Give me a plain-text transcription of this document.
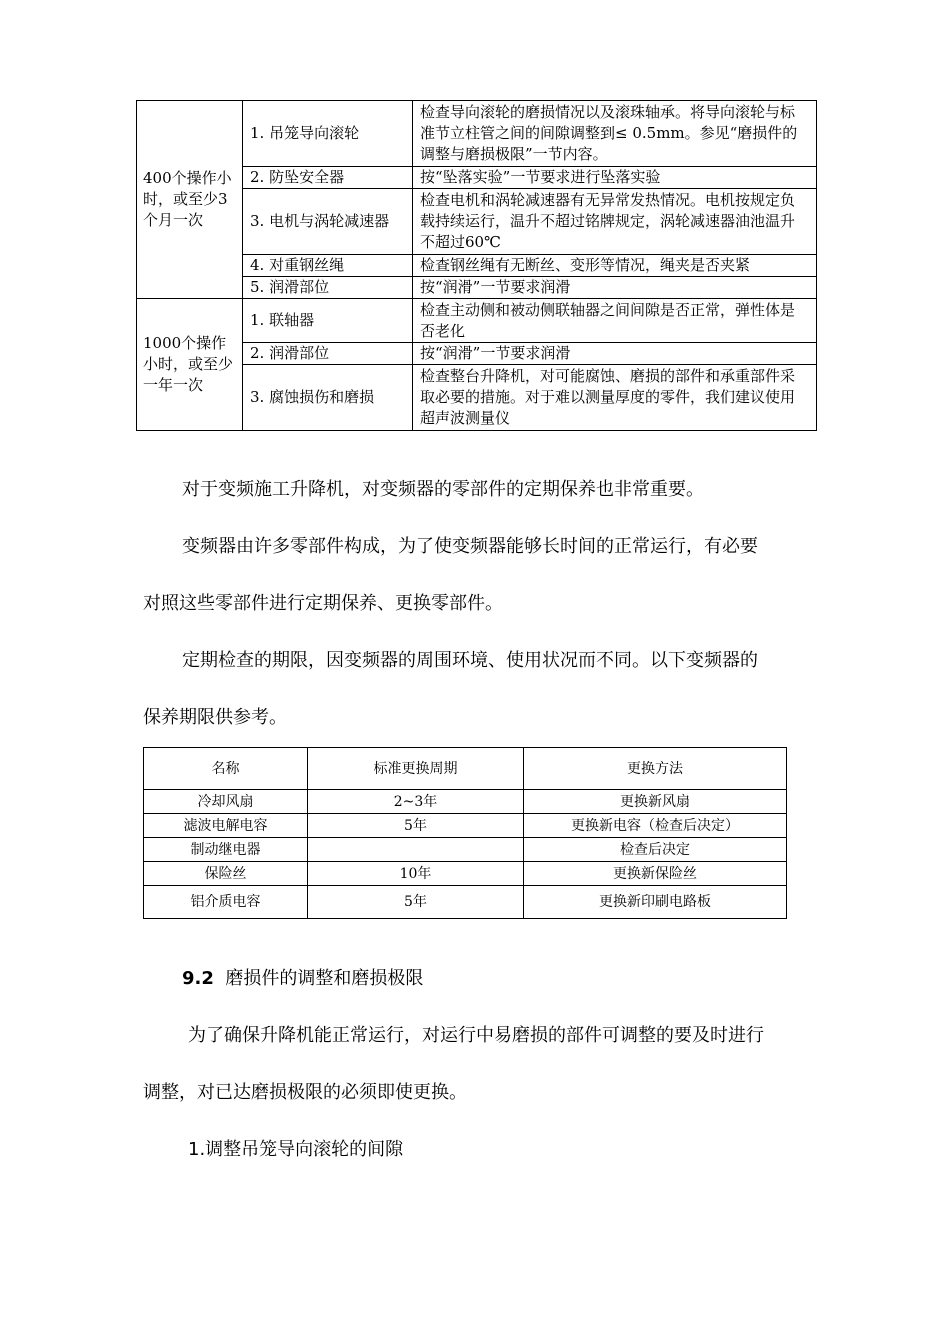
400个操作小时，或至少3个月一次	1. 吊笼导向滚轮	检查导向滚轮的磨损情况以及滚珠轴承。将导向滚轮与标准节立柱管之间的间隙调整到≤ 0.5mm。参见“磨损件的调整与磨损极限”一节内容。
	2. 防坠安全器	按“坠落实验”一节要求进行坠落实验
	3. 电机与涡轮减速器	检查电机和涡轮减速器有无异常发热情况。电机按规定负载持续运行，温升不超过铭牌规定，涡轮减速器油池温升不超过60℃
	4. 对重钢丝绳	检查钢丝绳有无断丝、变形等情况，绳夹是否夹紧
	5. 润滑部位	按“润滑”一节要求润滑
1000个操作小时，或至少一年一次	1. 联轴器	检查主动侧和被动侧联轴器之间间隙是否正常，弹性体是否老化
	2. 润滑部位	按“润滑”一节要求润滑
	3. 腐蚀损伤和磨损	检查整台升降机，对可能腐蚀、磨损的部件和承重部件采取必要的措施。对于难以测量厚度的零件，我们建议使用超声波测量仪
对于变频施工升降机，对变频器的零部件的定期保养也非常重要。
变频器由许多零部件构成，为了使变频器能够长时间的正常运行，有必要
对照这些零部件进行定期保养、更换零部件。
定期检查的期限，因变频器的周围环境、使用状况而不同。以下变频器的
保养期限供参考。
名称	标准更换周期	更换方法
冷却风扇	2~3年	更换新风扇
滤波电解电容	5年	更换新电容（检查后决定）
制动继电器		检查后决定
保险丝	10年	更换新保险丝
铝介质电容	5年	更换新印刷电路板
9.2 磨损件的调整和磨损极限
为了确保升降机能正常运行，对运行中易磨损的部件可调整的要及时进行
调整，对已达磨损极限的必须即使更换。
1.调整吊笼导向滚轮的间隙
